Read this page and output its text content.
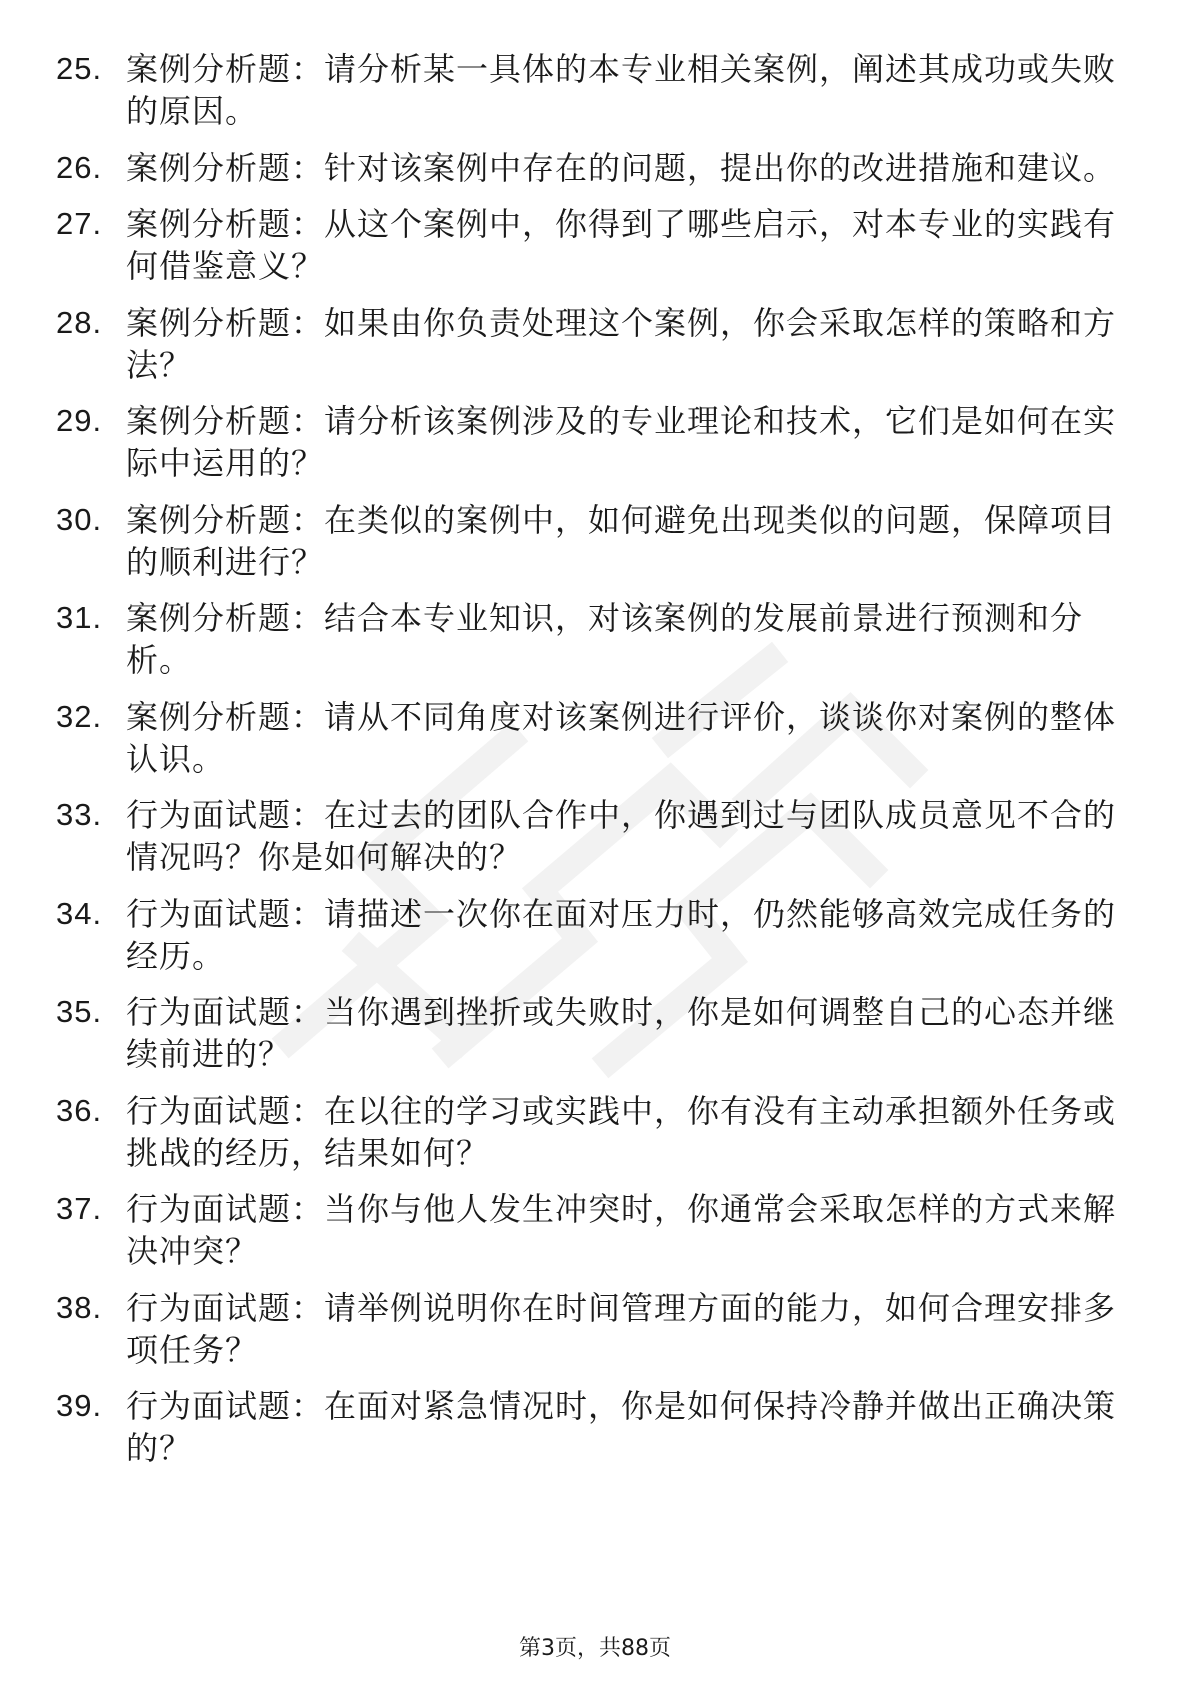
25. 案例分析题：请分析某一具体的本专业相关案例，阐述其成功或失败的原因。
26. 案例分析题：针对该案例中存在的问题，提出你的改进措施和建议。
27. 案例分析题：从这个案例中，你得到了哪些启示，对本专业的实践有何借鉴意义？
28. 案例分析题：如果由你负责处理这个案例，你会采取怎样的策略和方法？
29. 案例分析题：请分析该案例涉及的专业理论和技术，它们是如何在实际中运用的？
30. 案例分析题：在类似的案例中，如何避免出现类似的问题，保障项目的顺利进行？
31. 案例分析题：结合本专业知识，对该案例的发展前景进行预测和分析。
32. 案例分析题：请从不同角度对该案例进行评价，谈谈你对案例的整体认识。
33. 行为面试题：在过去的团队合作中，你遇到过与团队成员意见不合的情况吗？你是如何解决的？
34. 行为面试题：请描述一次你在面对压力时，仍然能够高效完成任务的经历。
35. 行为面试题：当你遇到挫折或失败时，你是如何调整自己的心态并继续前进的？
36. 行为面试题：在以往的学习或实践中，你有没有主动承担额外任务或挑战的经历，结果如何？
37. 行为面试题：当你与他人发生冲突时，你通常会采取怎样的方式来解决冲突？
38. 行为面试题：请举例说明你在时间管理方面的能力，如何合理安排多项任务？
39. 行为面试题：在面对紧急情况时，你是如何保持冷静并做出正确决策的？
第3页，共88页
